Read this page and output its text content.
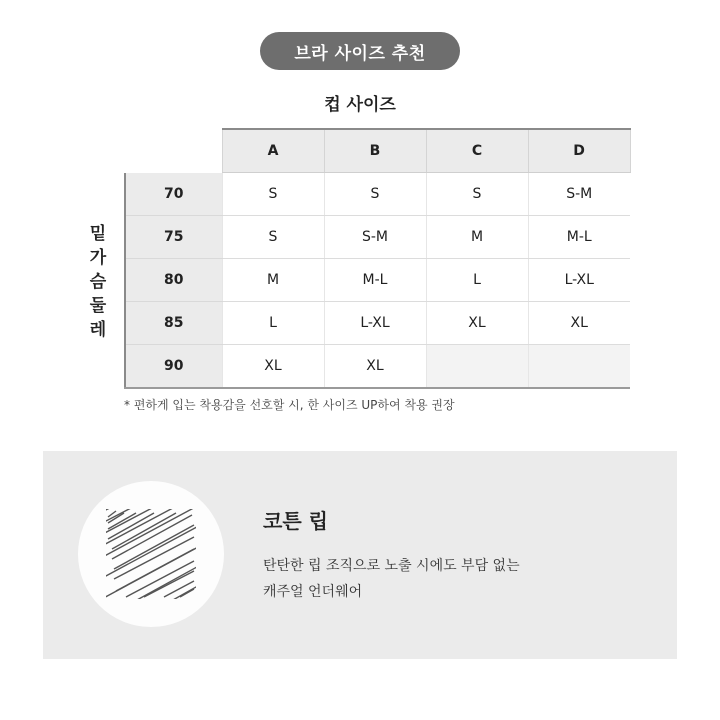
브라 사이즈 추천
컵 사이즈
밑
가
슴
둘
레
	A	B	C	D
70	S	S	S	S-M
75	S	S-M	M	M-L
80	M	M-L	L	L-XL
85	L	L-XL	XL	XL
90	XL	XL		
* 편하게 입는 착용감을 선호할 시, 한 사이즈 UP하여 착용 권장
코튼 립
탄탄한 립 조직으로 노출 시에도 부담 없는
캐주얼 언더웨어
